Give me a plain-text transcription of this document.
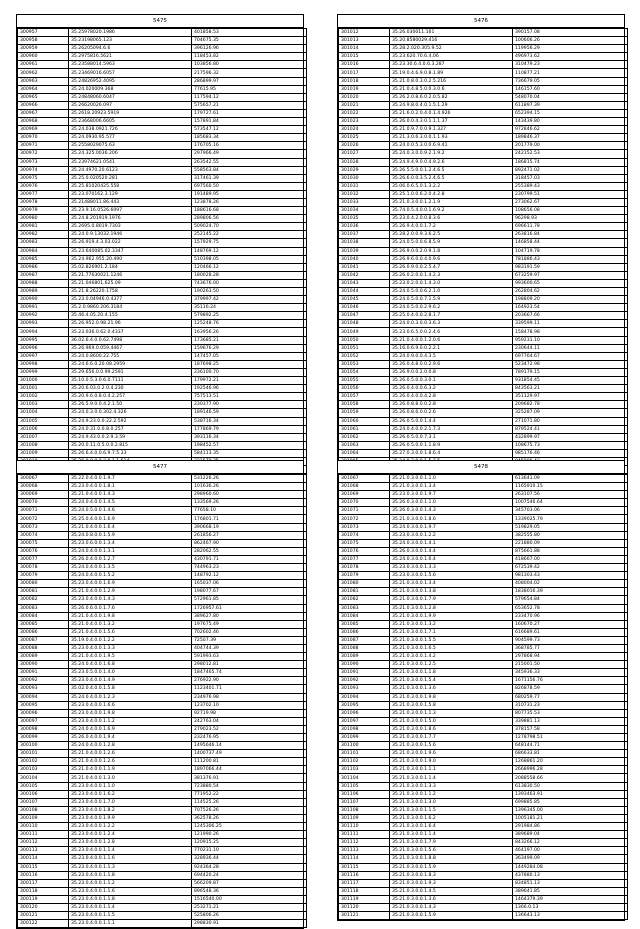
5475
300957	35.25978020.1986	401858.53
300958	35.23198065.123	704675.35
300959	35.26205094.6.6	396126.96
300960	35.2975816.5621	118453.82
300961	35.23588014.5963	103856.80
300962	35.23469016.6057	217596.32
300963	35.24826952.4095	286899.97
300964	35.24.020009.368	77615.95
300965	35.24848060.6047	117594.12
300966	35.26620026.097	575657.21
300967	35.2618.20923.5919	179727.61
300968	35.23668006.6605	157891.84
300969	35.24.038.0921.726	573547.12
300970	35.24.0930.95.577	185683.34
300971	35.2558029075.63	176705.16
300972	35.24.325.0036.206	297966.49
300973	35.23974621.0541	263542.55
300974	35.24.4970.20.6123	558563.84
300975	35.25.0.020520.281	317461.39
300976	35.25.81020425.558	697560.50
300977	35.23.070162.3.129	191489.95
300978	35.21488011.86.443	123878.26
300979	35.23.9.16.0526.6097	188616.68
300980	35.24.8.201919.1976	289806.56
300981	35.2695.0.8019.7303	509024.70
300982	35.24.0.9.13032.1946	252145.22
300983	35.26.919.4.3.03.022	157929.75
300984	35.23.640085.02.3347	148769.12
300985	35.24.962.955.20.490	510398.05
300986	35.02.826901.2.184	120466.12
300987	35.21.77630021.1246	180028.28
300988	35.21.046801.625.09	743676.00
300989	35.21.8.26220.1758	190263.50
300990	35.23.0.04946.0.4377	379997.42
300991	35.2.0.9860.206.3184	35116.24
300992	35.46.4.05.20.4.155	579892.25
300993	35.26.952.0.98.21.96	125248.76
300994	35.23.036.0.62.0.4337	163956.26
300995	36.02.6.4.0.0.62.7498	173685.21
300996	35.26.969.0.059.4467	159676.29
300997	35.24.0.8600.22.755	147457.05
300998	35.24.6.6.0.20.08.2959	187698.25
300999	35.29.656.0.0.99.2591	236100.70
301000	35.10.0.5.3.0.6.0.7111	179972.21
301001	35.20.6.03.0.2.0.4.230	192546.96
301002	35.20.9.6.0.8.0.4.2.257	757513.51
301003	35.26.5.9.0.0.4.2.1.50	230377.90
301004	35.24.0.3.0.0.302.4.326	189146.59
301005	35.24.9.23.0.0.22.2.592	538716.34
301006	35.24.0.31.0.0.8.0.257	177869.79
301007	35.24.9.43.0.0.2.9.3.59	393116.34
301008	35.20.0.11.0.5.0.0.2.815	198452.57
301009	35.26.6.4.0.0.6.9.7.5.33	584113.35

5476
301012	35.26.030011.161	390157.08
301013	35.20.8580029.416	100606.26
301014	35.28.2.020.305.9.52	119956.29
301015	35.23.620.70.6.4.06	496973.62
301016	35.23.30.6.4.0.6.3.287	310479.23
301017	35.19.0.4.6.9.0.8.1.89	110877.21
301018	35.21.0.8.0.3.0.2.5.216	736679.05
301019	35.21.0.4.8.5.0.0.3.0.6	146157.60
301020	35.26.2.0.8.6.0.2.0.5.82	548070.04
301021	35.24.9.8.0.4.0.1.5.1.29	611897.39
301022	35.21.6.0.2.0.4.0.1.4.926	652394.15
301023	35.26.0.0.4.3.0.1.1.1.37	143439.80
301024	35.21.0.9.7.0.0.9.1.327	972846.62
301025	35.21.3.0.6.3.0.0.1.1.93	189846.37
301026	35.24.0.0.5.3.0.0.6.9.41	201779.00
301027	35.24.0.3.0.0.9.2.1.9.2	242152.53
301028	35.24.9.4.9.0.0.4.9.2.6	186815.74
301029	35.26.5.5.0.0.1.2.4.6.5	892471.02
301030	35.26.6.0.0.3.5.2.4.6.5	318457.03
301031	35.06.0.6.5.0.1.3.2.2	255389.43
301032	35.25.1.0.0.6.2.0.4.2.8	230799.51
301033	35.21.0.3.0.0.1.2.1.9	273062.67
301034	35.74.0.5.4.0.0.1.6.9.2	108656.08
301035	35.23.0.4.2.0.0.8.3.6	96298.93
301036	35.26.9.4.0.0.1.7.2	696611.78
301037	35.28.2.0.0.9.3.6.2.5	263816.84
301038	35.24.0.5.0.0.6.8.5.9	146858.44
301039	35.26.9.0.0.2.0.9.1.8	104719.78
301040	35.26.9.6.0.0.4.0.9.6	781886.43
301041	35.26.0.9.0.0.2.5.4.7	983191.59
301042	35.26.0.2.0.0.1.4.2.3	673259.97
301043	35.23.0.2.0.0.1.4.3.0	993600.65
301044	35.24.0.5.0.0.6.2.1.0	262804.62
301045	35.24.0.5.0.0.7.1.5.9	198809.20
301046	35.24.0.5.0.0.2.9.6.2	164923.54
301047	35.25.0.4.0.0.2.8.1.7	203667.66
301048	35.24.0.0.3.0.0.3.6.3	339599.11
301049	35.23.0.6.5.0.0.2.4.6	158478.98
301050	35.21.0.4.0.0.1.2.0.6	959231.10
301051	35.16.0.6.9.0.0.2.2.1	230644.11
301052	35.24.0.9.0.0.4.3.5	697764.67
301053	35.26.0.4.8.0.0.2.9.6	523472.98
301054	35.26.9.0.0.2.0.0.8	789179.15
301055	35.26.0.5.0.0.3.0.1	931854.45
301056	35.26.0.4.0.0.6.3.2	843563.21
301057	35.26.0.4.0.0.4.2.8	351129.97
301058	35.26.0.8.8.0.0.2.8	209682.78
301059	35.26.0.8.6.0.0.2.6	325287.09
301060	35.26.0.5.0.0.1.4.4	271071.80
301061	35.24.0.4.0.0.2.1.7.3	879524.41
301062	35.26.0.5.0.0.7.3.1	432899.97
301063	35.26.0.5.0.0.1.1.8.9	108675.73
301064	35.27.0.3.0.0.1.8.6.4	985176.46

5477
300067	35.22.0.4.0.0.1.9.7	531226.26
300068	35.23.0.4.0.0.1.8.1	101636.26
300069	35.21.0.4.0.0.1.4.3	298960.60
300070	35.24.0.4.0.0.1.4.5	133569.26
300071	35.24.0.5.0.0.1.4.6	77658.10
300072	35.25.0.4.0.0.1.6.9	176801.71
300073	35.21.0.4.0.0.1.6.4	390668.19
300074	35.24.0.8.0.0.1.5.9	261856.27
300075	35.23.0.6.0.0.1.3.4	862467.90
300076	35.24.0.4.0.0.1.3.1	282062.55
300077	35.26.0.4.0.0.1.2.7	430791.71
300078	35.24.0.4.0.0.1.3.5	744963.23
300079	35.24.0.4.0.0.1.5.2	148792.12
300080	35.23.0.4.0.0.1.6.9	165037.06
300081	35.21.0.4.0.0.1.2.9	198077.67
300082	35.23.0.4.0.0.1.4.3	572961.85
300083	35.26.0.6.0.0.1.7.6	1726957.61
300084	35.21.0.4.0.0.1.9.8	389627.80
300085	35.21.0.4.0.0.1.3.2	197675.49
300086	35.21.0.4.0.0.1.5.6	702602.46
300087	35.19.0.4.0.0.1.2.2	72507.39
300088	35.23.0.4.0.0.1.3.3	404744.39
300089	35.21.0.4.0.0.1.9.5	591993.63
300090	35.24.0.4.0.0.1.6.8	298012.81
300091	35.23.0.5.0.0.1.4.0	1847465.74
300092	35.23.0.4.0.0.1.4.9	276922.90
300093	35.02.0.4.0.0.1.5.8	1123401.71
300094	35.24.0.4.0.0.1.2.3	234976.98
300095	35.23.0.4.0.0.1.6.6	123702.10
300096	35.23.0.4.0.0.1.9.8	92719.98
300097	35.23.0.4.0.0.1.1.2	242763.04
300098	35.24.0.4.0.0.1.6.9	279023.52
300099	35.26.0.4.0.0.1.9.4	232476.95
300100	35.24.0.4.0.0.1.2.8	1495646.14
300101	35.21.0.4.0.0.1.2.6	1400737.49
300102	35.21.0.4.0.0.1.2.6	111200.81
300103	35.21.0.4.0.0.1.1.9	1897066.44
300104	35.21.0.4.0.0.1.3.0	381376.91
300105	35.23.0.4.0.0.1.1.0	723880.54
300106	35.23.0.4.0.0.1.6.2	771952.22
300107	35.23.0.4.0.0.1.7.0	114525.26
300108	35.23.0.4.0.0.1.8.2	707526.26
300109	35.23.0.4.0.0.1.9.9	362578.26
300110	35.23.0.4.0.0.1.2.2	1245306.25
300111	35.23.0.4.0.0.1.2.4	121990.26
300112	35.23.0.4.0.0.1.2.8	120915.25
300113	35.23.0.4.0.0.1.1.4	770231.10
300114	35.23.0.4.0.0.1.1.6	328936.44
300115	35.23.0.4.0.0.1.1.3	924364.28
300116	35.23.0.4.0.0.1.1.8	694420.24
300117	35.23.0.4.0.0.1.1.2	566209.87
300118	35.23.0.4.0.0.1.1.6	896548.36
300119	35.23.0.4.0.0.1.1.8	1516540.00
300120	35.23.0.4.0.0.1.1.4	253271.21
300121	35.23.0.4.0.0.1.1.5	525806.26
300122	35.23.0.4.0.0.1.1.1	298830.91
5478
301067	35.21.0.3.0.0.1.1.0	613641.09
301068	35.21.0.3.0.0.1.3.4	1165910.15
301069	35.23.0.3.0.0.1.9.7	263107.56
301070	35.26.0.3.0.0.1.1.0	1007546.64
301071	35.26.0.3.0.0.1.4.3	345703.06
301072	35.21.0.3.0.0.1.8.6	1339025.79
301073	35.24.0.3.0.0.1.9.7	519829.05
301074	35.23.0.3.0.0.1.2.2	382555.80
301075	35.24.0.3.0.0.1.4.1	221880.09
301076	35.26.0.3.0.0.1.4.4	875661.88
301077	35.24.0.3.0.0.1.6.4	418667.00
301078	35.23.0.3.0.0.1.3.3	672539.42
301079	35.23.0.3.0.0.1.5.6	981303.43
301080	35.21.0.3.0.0.1.3.4	408004.02
301081	35.21.0.3.0.0.1.3.8	1838016.39
301082	35.21.0.3.0.0.1.7.9	579654.84
301083	35.21.0.3.0.0.1.2.8	653652.78
301084	35.21.0.3.0.0.1.9.9	233470.96
301085	35.21.0.3.0.0.1.3.2	160670.27
301086	35.21.0.3.0.0.1.7.1	616689.61
301087	35.21.0.3.0.0.1.5.5	904599.73
301088	35.21.0.3.0.0.1.6.5	368785.77
301089	35.21.0.3.0.0.1.4.2	297868.94
301090	35.21.0.3.0.0.1.2.5	215001.50
301091	35.21.0.3.0.0.1.1.8	345936.33
301092	35.21.0.3.0.0.1.5.4	1671156.76
301093	35.21.0.3.0.0.1.3.6	826878.59
301094	35.21.0.3.0.0.1.9.8	680259.77
301095	35.21.0.3.0.0.1.5.8	310731.23
301096	35.21.0.3.0.0.1.1.3	807735.53
301097	35.21.0.3.0.0.1.5.0	339881.13
301098	35.21.0.3.0.0.1.8.6	378157.58
301099	35.21.0.3.0.0.1.7.7	1278798.51
301100	35.21.0.3.0.0.1.5.6	648144.71
301101	35.21.0.3.0.0.1.9.6	686633.81
301102	35.21.0.3.0.0.1.9.0	1268861.20
301103	35.21.0.3.0.0.1.1.1	2668996.28
301104	35.21.0.3.0.0.1.1.4	2088558.66
301105	35.21.0.3.0.0.1.3.3	613830.50
301106	35.21.0.3.0.0.1.1.2	1393463.91
301107	35.21.0.3.0.0.1.3.0	699885.85
301108	35.21.0.3.0.0.1.1.5	1396345.00
301109	35.21.0.3.0.0.1.6.2	1005181.21
301110	35.21.0.3.0.0.1.6.4	291984.86
301111	35.21.0.3.0.0.1.1.4	389689.04
301112	35.21.0.3.0.0.1.7.9	843266.12
301113	35.21.0.3.0.0.1.5.6	464197.00
301114	35.21.0.3.0.0.1.8.8	363499.09
301115	35.21.0.3.0.0.1.5.9	1449284.08
301116	35.21.0.3.0.0.1.8.3	437880.13
301117	35.21.0.3.0.0.1.9.3	834851.13
301118	35.21.0.3.0.0.1.4.5	389641.85
301119	35.21.0.3.0.0.1.3.6	1464379.39
301120	35.21.0.3.0.0.1.4.3	1366.0.13
301121	35.21.0.3.0.0.1.5.9	136643.13
